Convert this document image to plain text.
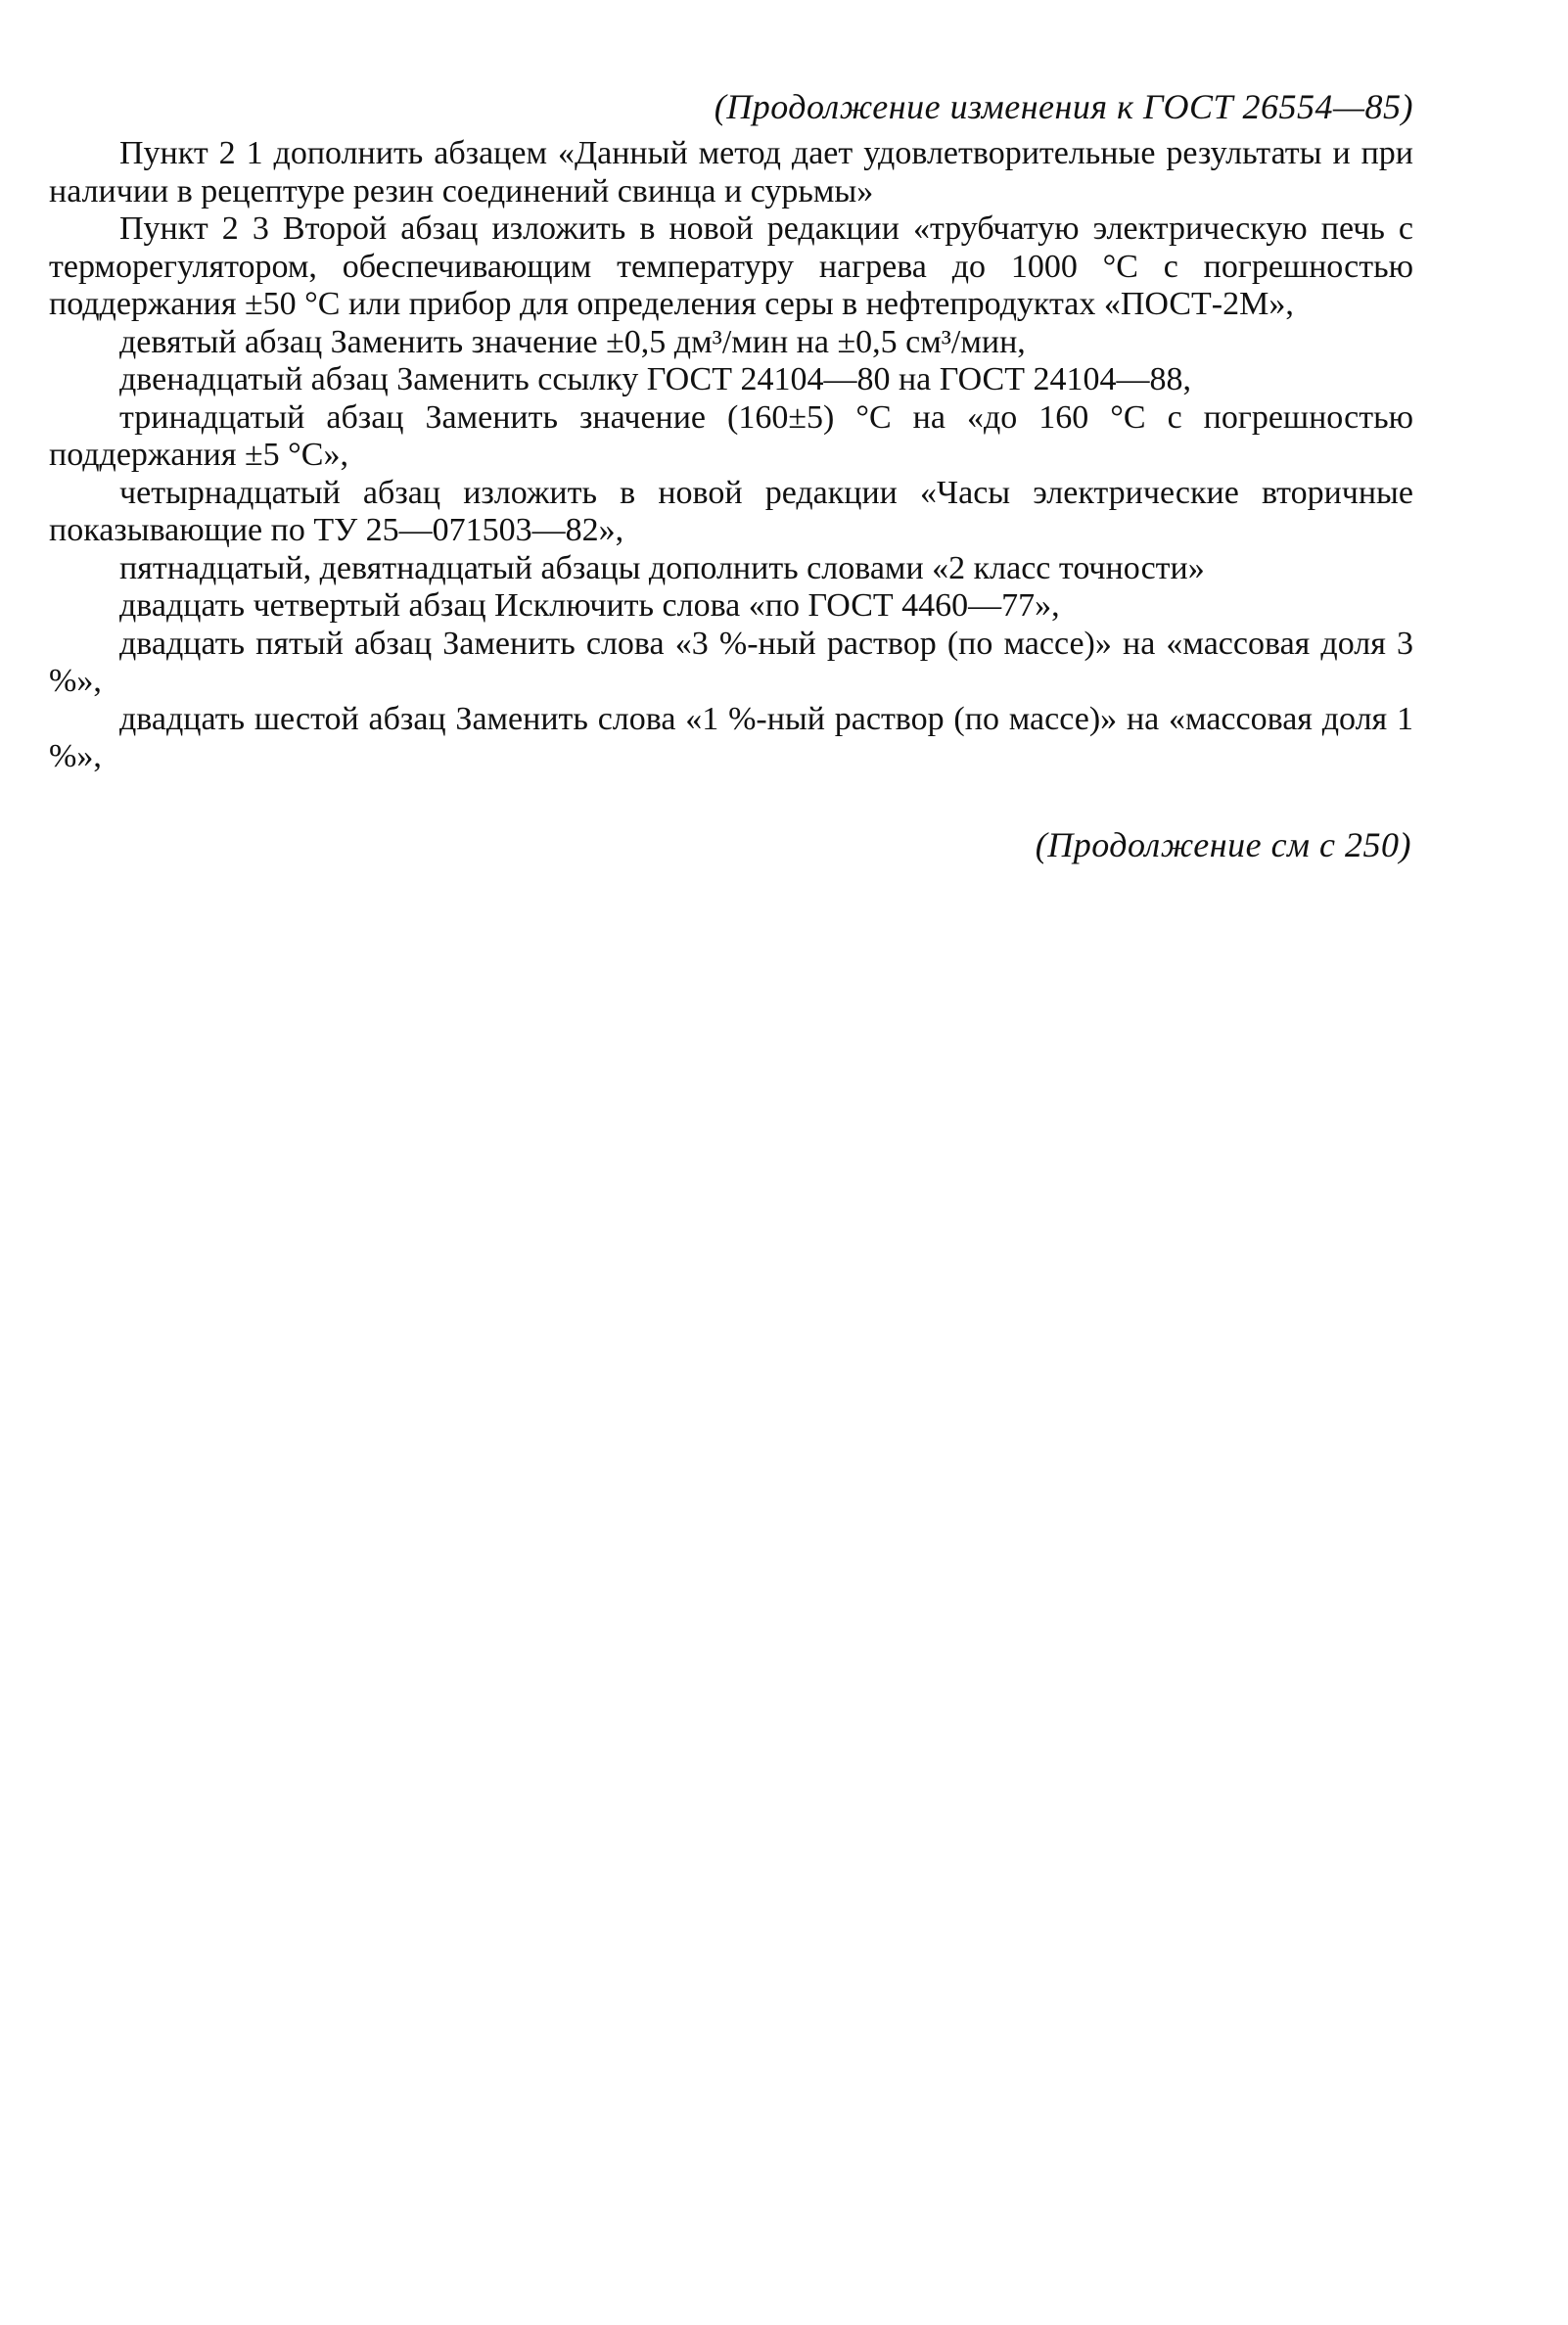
(Продолжение изменения к ГОСТ 26554—85)

Пункт 2 1 дополнить абзацем «Данный метод дает удовлетворительные результаты и при наличии в рецептуре резин соединений свинца и сурьмы»

Пункт 2 3 Второй абзац изложить в новой редакции «трубчатую электрическую печь с терморегулятором, обеспечивающим температуру нагрева до 1000 °С с погрешностью поддержания ±50 °С или прибор для определения серы в нефтепродуктах «ПОСТ-2М»,

девятый абзац Заменить значение ±0,5 дм³/мин на ±0,5 см³/мин,

двенадцатый абзац Заменить ссылку ГОСТ 24104—80 на ГОСТ 24104—88,

тринадцатый абзац Заменить значение (160±5) °С на «до 160 °С с погрешностью поддержания ±5 °С»,

четырнадцатый абзац изложить в новой редакции «Часы электрические вторичные показывающие по ТУ 25—071503—82»,

пятнадцатый, девятнадцатый абзацы дополнить словами «2 класс точности»

двадцать четвертый абзац Исключить слова «по ГОСТ 4460—77»,

двадцать пятый абзац Заменить слова «3 %-ный раствор (по массе)» на «массовая доля 3 %»,

двадцать шестой абзац Заменить слова «1 %-ный раствор (по массе)» на «массовая доля 1 %»,

(Продолжение см с 250)
